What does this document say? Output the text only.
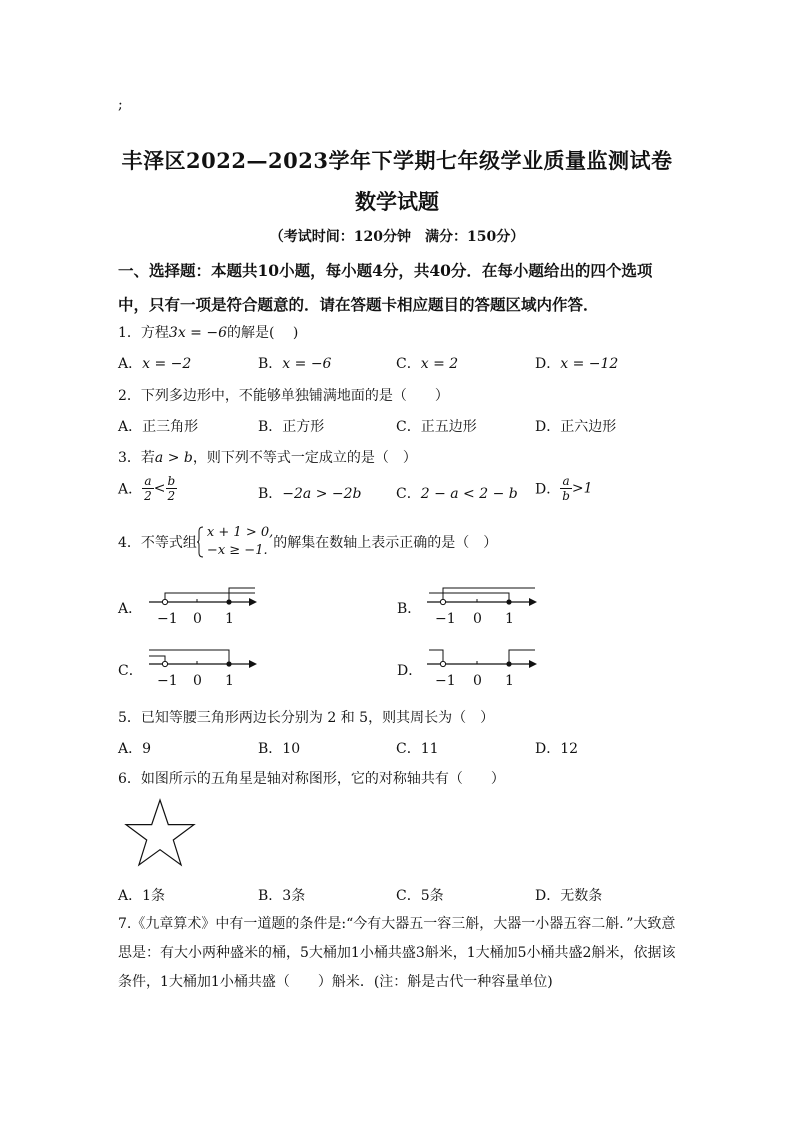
;
丰泽区2022—2023学年下学期七年级学业质量监测试卷
数学试题
（考试时间：120分钟　满分：150分）
一、选择题：本题共10小题，每小题4分，共40分．在每小题给出的四个选项中，只有一项是符合题意的．请在答题卡相应题目的答题区域内作答．
1．方程3x = −6的解是(　 )
A．x = −2	B．x = −6	C．x = 2	D．x = −12
2．下列多边形中，不能够单独铺满地面的是（　　）
A．正三角形	B．正方形	C．正五边形	D．正六边形
3．若a > b，则下列不等式一定成立的是（　）
A． $\frac{a}{2} < \frac{b}{2}$	B．−2a > −2b C．2 − a < 2 − b D． $\frac{a}{b} >1$
4．不等式组
x + 1 > 0,
−x ≥ −1. 的解集在数轴上表示正确的是（　）
A．
−1 0 1
B．
−1 0 1
C．
−1 0 1
D．
−1 0 1
5．已知等腰三角形两边长分别为 2 和 5，则其周长为（　）
A．9	B．10	C．11	D．12
6．如图所示的五角星是轴对称图形，它的对称轴共有（　　）
A．1条	B．3条	C．5条	D．无数条
7.《九章算术》中有一道题的条件是:“今有大器五一容三斛，大器一小器五容二斛．”大致意思是：有大小两种盛米的桶，5大桶加1小桶共盛3斛米，1大桶加5小桶共盛2斛米，依据该条件，1大桶加1小桶共盛（　　）斛米．(注：斛是古代一种容量单位)
